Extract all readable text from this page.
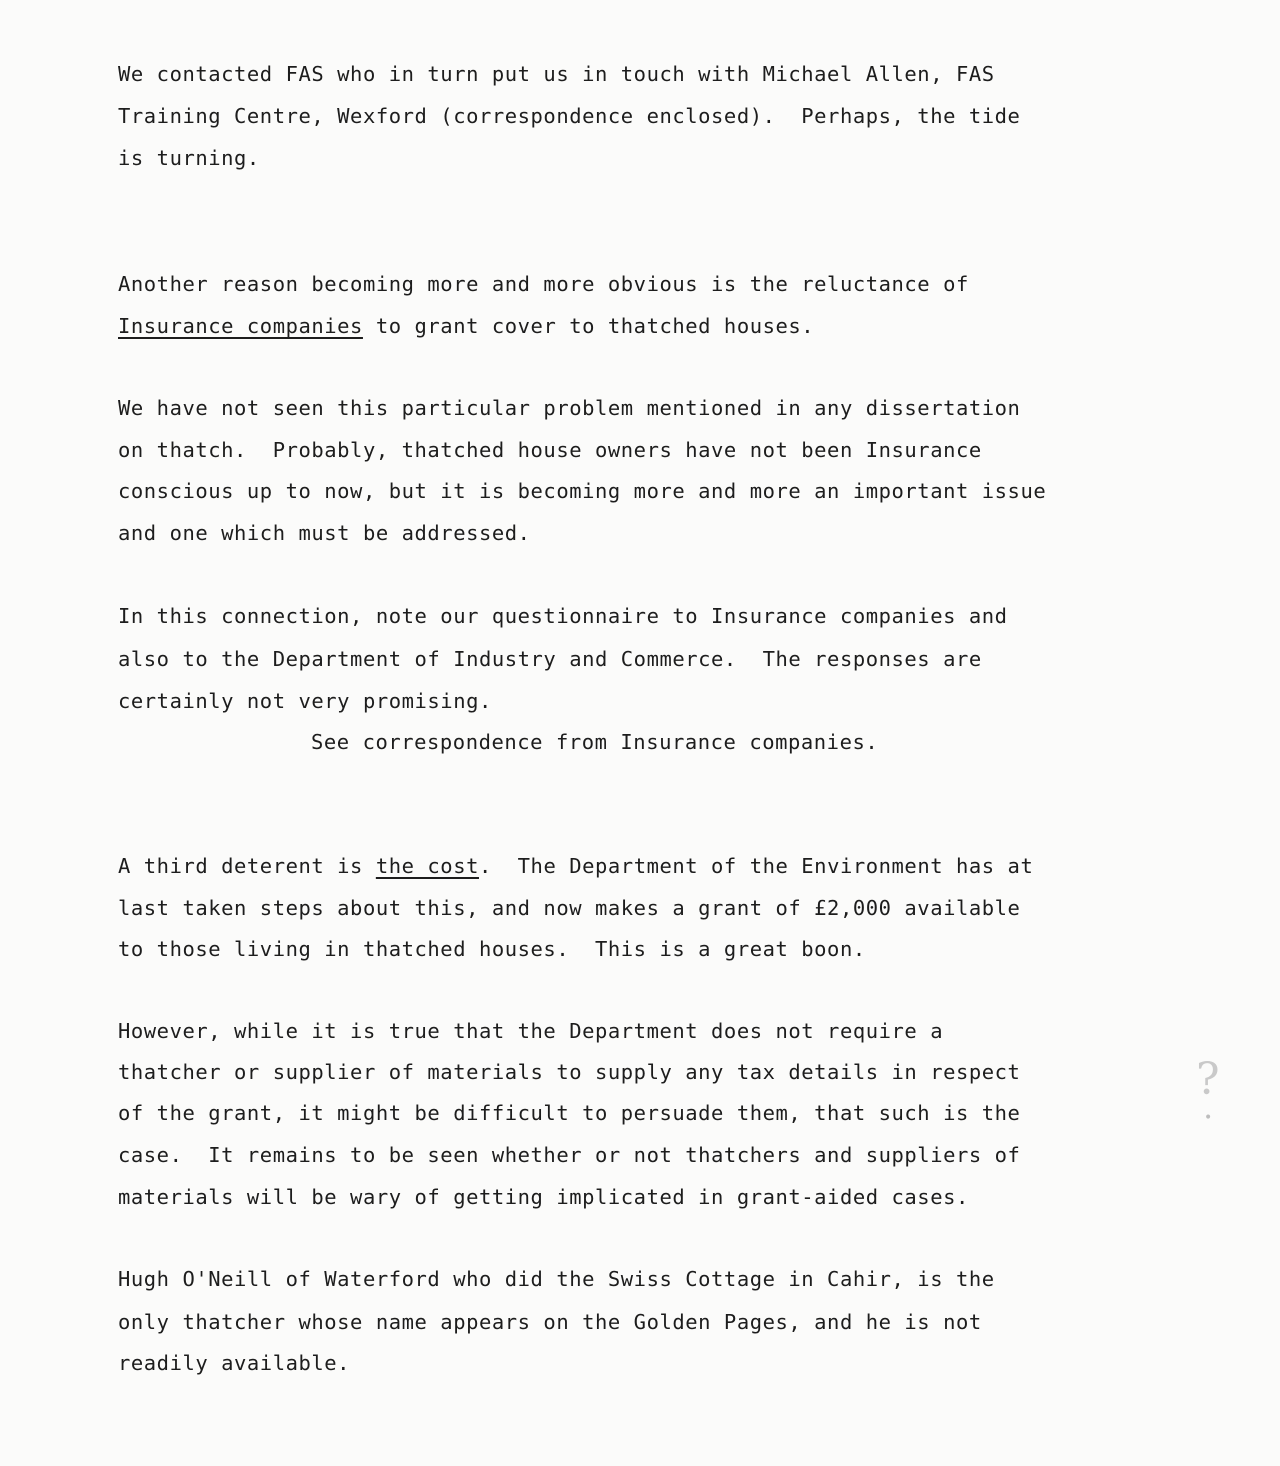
We contacted FAS who in turn put us in touch with Michael Allen, FAS
Training Centre, Wexford (correspondence enclosed).  Perhaps, the tide
is turning.
Another reason becoming more and more obvious is the reluctance of
Insurance companies to grant cover to thatched houses.
We have not seen this particular problem mentioned in any dissertation
on thatch.  Probably, thatched house owners have not been Insurance
conscious up to now, but it is becoming more and more an important issue
and one which must be addressed.
In this connection, note our questionnaire to Insurance companies and
also to the Department of Industry and Commerce.  The responses are
certainly not very promising.
See correspondence from Insurance companies.
A third deterent is the cost.  The Department of the Environment has at
last taken steps about this, and now makes a grant of £2,000 available
to those living in thatched houses.  This is a great boon.
However, while it is true that the Department does not require a
thatcher or supplier of materials to supply any tax details in respect
of the grant, it might be difficult to persuade them, that such is the
case.  It remains to be seen whether or not thatchers and suppliers of
materials will be wary of getting implicated in grant-aided cases.
Hugh O'Neill of Waterford who did the Swiss Cottage in Cahir, is the
only thatcher whose name appears on the Golden Pages, and he is not
readily available.
?
•
